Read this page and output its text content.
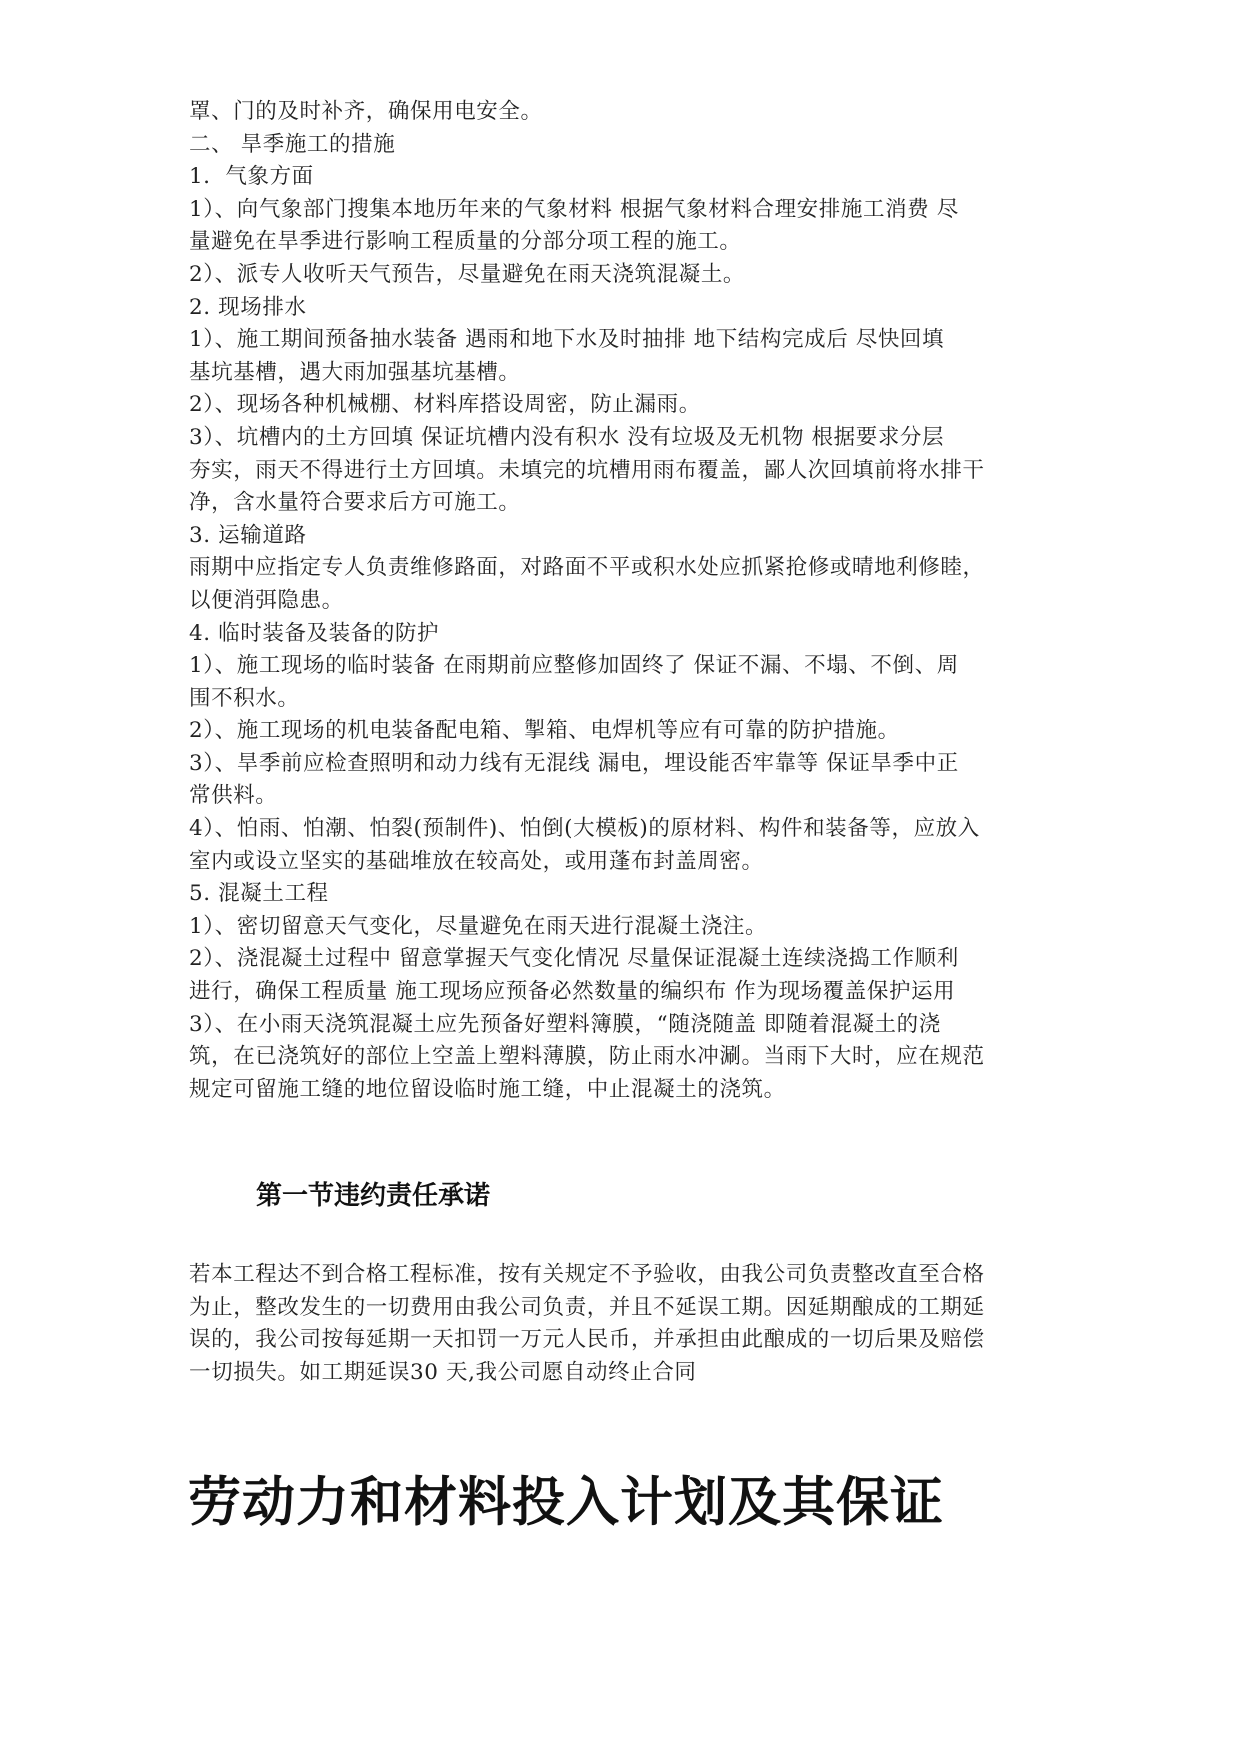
罩、门的及时补齐，确保用电安全。
二、 旱季施工的措施
1．气象方面
1）、向气象部门搜集本地历年来的气象材料 根据气象材料合理安排施工消费 尽
量避免在旱季进行影响工程质量的分部分项工程的施工。
2）、派专人收听天气预告，尽量避免在雨天浇筑混凝土。
2. 现场排水
1）、施工期间预备抽水装备 遇雨和地下水及时抽排 地下结构完成后 尽快回填
基坑基槽，遇大雨加强基坑基槽。
2）、现场各种机械棚、材料库搭设周密，防止漏雨。
3）、坑槽内的土方回填 保证坑槽内没有积水 没有垃圾及无机物 根据要求分层
夯实，雨天不得进行土方回填。未填完的坑槽用雨布覆盖，鄙人次回填前将水排干
净，含水量符合要求后方可施工。
3. 运输道路
雨期中应指定专人负责维修路面，对路面不平或积水处应抓紧抢修或晴地利修睦，
以便消弭隐患。
4. 临时装备及装备的防护
1）、施工现场的临时装备 在雨期前应整修加固终了 保证不漏、不塌、不倒、周
围不积水。
2）、施工现场的机电装备配电箱、掣箱、电焊机等应有可靠的防护措施。
3）、旱季前应检查照明和动力线有无混线 漏电，埋设能否牢靠等 保证旱季中正
常供料。
4）、怕雨、怕潮、怕裂(预制件)、怕倒(大模板)的原材料、构件和装备等，应放入
室内或设立坚实的基础堆放在较高处，或用蓬布封盖周密。
5. 混凝土工程
1）、密切留意天气变化，尽量避免在雨天进行混凝土浇注。
2）、浇混凝土过程中 留意掌握天气变化情况 尽量保证混凝土连续浇捣工作顺利
进行，确保工程质量 施工现场应预备必然数量的编织布 作为现场覆盖保护运用
3）、在小雨天浇筑混凝土应先预备好塑料簿膜，“随浇随盖 即随着混凝土的浇
筑，在已浇筑好的部位上空盖上塑料薄膜，防止雨水冲涮。当雨下大时，应在规范
规定可留施工缝的地位留设临时施工缝，中止混凝土的浇筑。
第一节违约责任承诺
若本工程达不到合格工程标准，按有关规定不予验收，由我公司负责整改直至合格
为止，整改发生的一切费用由我公司负责，并且不延误工期。因延期酿成的工期延
误的，我公司按每延期一天扣罚一万元人民币，并承担由此酿成的一切后果及赔偿
一切损失。如工期延误30 天,我公司愿自动终止合同
劳动力和材料投入计划及其保证
